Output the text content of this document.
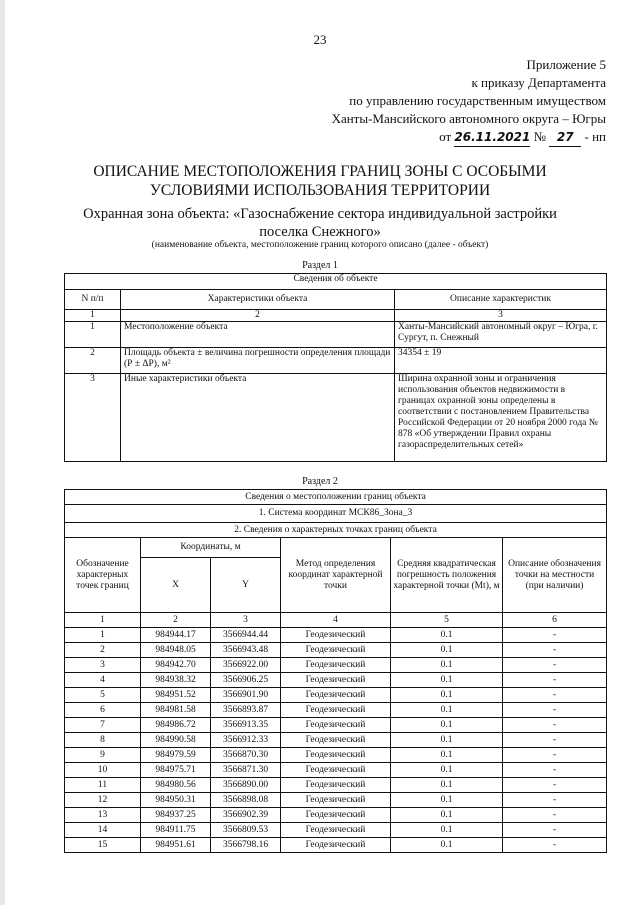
23
Приложение 5
к приказу Департамента
по управлению государственным имуществом
Ханты-Мансийского автономного округа – Югры
от 26.11.2021 № 27 - нп
ОПИСАНИЕ МЕСТОПОЛОЖЕНИЯ ГРАНИЦ ЗОНЫ С ОСОБЫМИ
УСЛОВИЯМИ ИСПОЛЬЗОВАНИЯ ТЕРРИТОРИИ
Охранная зона объекта: «Газоснабжение сектора индивидуальной застройки
поселка Снежного»
(наименование объекта, местоположение границ которого описано (далее - объект)
Раздел 1
Сведения об объекте		
N п/п	Характеристики объекта	Описание характеристик
1	2	3
1	Местоположение объекта	Ханты-Мансийский автономный округ – Югра, г. Сургут, п. Снежный
2	Площадь объекта ± величина погрешности определения площади (Р ± ΔР), м²	34354 ± 19
3	Иные характеристики объекта	Ширина охранной зоны и ограничения использования объектов недвижимости в границах охранной зоны определены в соответствии с постановлением Правительства Российской Федерации от 20 ноября 2000 года № 878 «Об утверждении Правил охраны газораспределительных сетей»
Раздел 2
Сведения о местоположении границ объекта					
1. Система координат МСК86_Зона_3					
2. Сведения о характерных точках границ объекта					
Обозначение характерных точек границ	Координаты, м		Метод определения координат характерной точки	Средняя квадратическая погрешность положения характерной точки (Mt), м	Описание обозначения точки на местности (при наличии)
	X	Y			
1	2	3	4	5	6
1	984944.17	3566944.44	Геодезический	0.1	-
2	984948.05	3566943.48	Геодезический	0.1	-
3	984942.70	3566922.00	Геодезический	0.1	-
4	984938.32	3566906.25	Геодезический	0.1	-
5	984951.52	3566901.90	Геодезический	0.1	-
6	984981.58	3566893.87	Геодезический	0.1	-
7	984986.72	3566913.35	Геодезический	0.1	-
8	984990.58	3566912.33	Геодезический	0.1	-
9	984979.59	3566870.30	Геодезический	0.1	-
10	984975.71	3566871.30	Геодезический	0.1	-
11	984980.56	3566890.00	Геодезический	0.1	-
12	984950.31	3566898.08	Геодезический	0.1	-
13	984937.25	3566902.39	Геодезический	0.1	-
14	984911.75	3566809.53	Геодезический	0.1	-
15	984951.61	3566798.16	Геодезический	0.1	-
